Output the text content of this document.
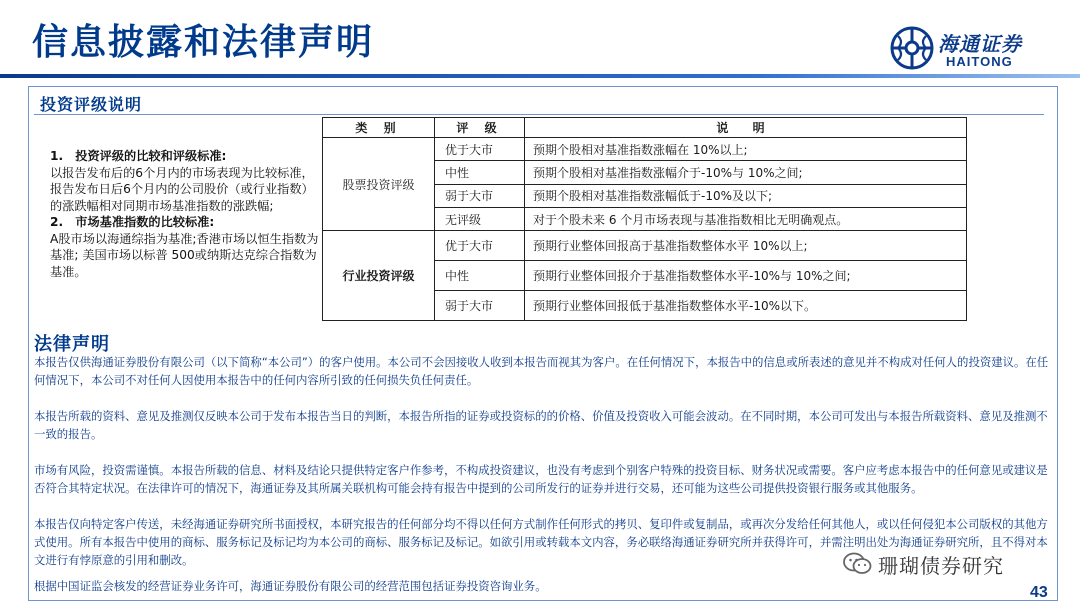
信息披露和法律声明	海通证券
HAITONG
投资评级说明
1.　投资评级的比较和评级标准:
以报告发布后的6个月内的市场表现为比较标准，报告发布日后6个月内的公司股价（或行业指数）的涨跌幅相对同期市场基准指数的涨跌幅;
2.　市场基准指数的比较标准:
A股市场以海通综指为基准;香港市场以恒生指数为基准; 美国市场以标普 500或纳斯达克综合指数为基准。
类 别	评 级	说 明
股票投资评级	优于大市	预期个股相对基准指数涨幅在 10%以上;
	中性	预期个股相对基准指数涨幅介于-10%与 10%之间;
	弱于大市	预期个股相对基准指数涨幅低于-10%及以下;
	无评级	对于个股未来 6 个月市场表现与基准指数相比无明确观点。
行业投资评级	优于大市	预期行业整体回报高于基准指数整体水平 10%以上;
	中性	预期行业整体回报介于基准指数整体水平-10%与 10%之间;
	弱于大市	预期行业整体回报低于基准指数整体水平-10%以下。
法律声明

本报告仅供海通证券股份有限公司（以下简称“本公司”）的客户使用。本公司不会因接收人收到本报告而视其为客户。在任何情况下，本报告中的信息或所表述的意见并不构成对任何人的投资建议。在任何情况下，本公司不对任何人因使用本报告中的任何内容所引致的任何损失负任何责任。

本报告所载的资料、意见及推测仅反映本公司于发布本报告当日的判断，本报告所指的证券或投资标的的价格、价值及投资收入可能会波动。在不同时期，本公司可发出与本报告所载资料、意见及推测不一致的报告。

市场有风险，投资需谨慎。本报告所载的信息、材料及结论只提供特定客户作参考，不构成投资建议，也没有考虑到个别客户特殊的投资目标、财务状况或需要。客户应考虑本报告中的任何意见或建议是否符合其特定状况。在法律许可的情况下，海通证券及其所属关联机构可能会持有报告中提到的公司所发行的证券并进行交易，还可能为这些公司提供投资银行服务或其他服务。

本报告仅向特定客户传送，未经海通证券研究所书面授权，本研究报告的任何部分均不得以任何方式制作任何形式的拷贝、复印件或复制品，或再次分发给任何其他人，或以任何侵犯本公司版权的其他方式使用。所有本报告中使用的商标、服务标记及标记均为本公司的商标、服务标记及标记。如欲引用或转载本文内容，务必联络海通证券研究所并获得许可，并需注明出处为海通证券研究所，且不得对本文进行有悖原意的引用和删改。

根据中国证监会核发的经营证券业务许可，海通证券股份有限公司的经营范围包括证券投资咨询业务。

珊瑚债券研究
43
